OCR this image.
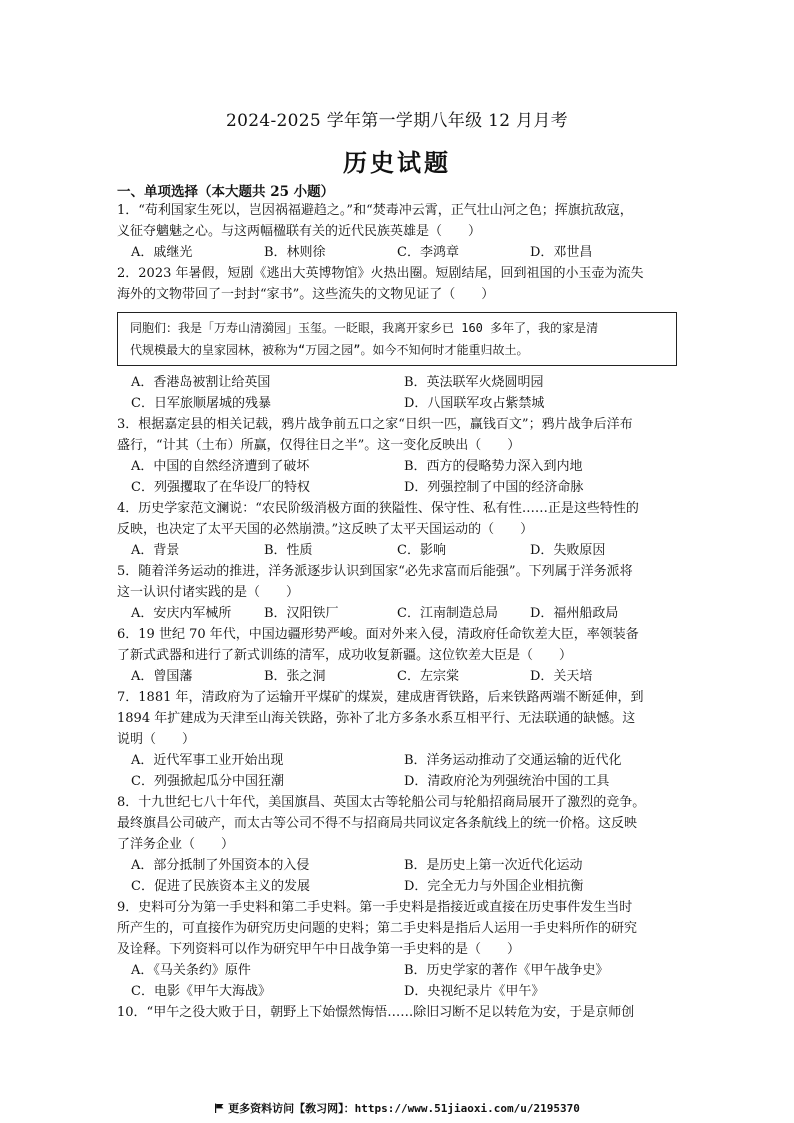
2024-2025 学年第一学期八年级 12 月月考
历史试题
一、单项选择（本大题共 25 小题）
1．“苟利国家生死以，岂因祸福避趋之。”和“焚毒冲云霄，正气壮山河之色；挥旗抗敌寇，
义征夺魑魅之心。与这两幅楹联有关的近代民族英雄是（　　）
A．戚继光	B．林则徐	C．李鸿章	D．邓世昌
2．2023 年暑假，短剧《逃出大英博物馆》火热出圈。短剧结尾，回到祖国的小玉壶为流失
海外的文物带回了一封封“家书”。这些流失的文物见证了（　　）
同胞们：我是「万寿山清漪园」玉玺。一眨眼，我离开家乡已 160 多年了，我的家是清
代规模最大的皇家园林，被称为“万园之园”。如今不知何时才能重归故土。
A．香港岛被割让给英国	B．英法联军火烧圆明园
C．日军旅顺屠城的残暴	D．八国联军攻占紫禁城
3．根据嘉定县的相关记载，鸦片战争前五口之家“日织一匹，赢钱百文”；鸦片战争后洋布
盛行，“计其（土布）所赢，仅得往日之半”。这一变化反映出（　　）
A．中国的自然经济遭到了破坏	B．西方的侵略势力深入到内地
C．列强攫取了在华设厂的特权	D．列强控制了中国的经济命脉
4．历史学家范文澜说：“农民阶级消极方面的狭隘性、保守性、私有性……正是这些特性的
反映，也决定了太平天国的必然崩溃。”这反映了太平天国运动的（　　）
A．背景	B．性质	C．影响	D．失败原因
5．随着洋务运动的推进，洋务派逐步认识到国家“必先求富而后能强”。下列属于洋务派将
这一认识付诸实践的是（　　）
A．安庆内军械所	B．汉阳铁厂	C．江南制造总局	D．福州船政局
6．19 世纪 70 年代，中国边疆形势严峻。面对外来入侵，清政府任命钦差大臣，率领装备
了新式武器和进行了新式训练的清军，成功收复新疆。这位钦差大臣是（　　）
A．曾国藩	B．张之洞	C．左宗棠	D．关天培
7．1881 年，清政府为了运输开平煤矿的煤炭，建成唐胥铁路，后来铁路两端不断延伸，到
1894 年扩建成为天津至山海关铁路，弥补了北方多条水系互相平行、无法联通的缺憾。这
说明（　　）
A．近代军事工业开始出现	B．洋务运动推动了交通运输的近代化
C．列强掀起瓜分中国狂潮	D．清政府沦为列强统治中国的工具
8．十九世纪七八十年代，美国旗昌、英国太古等轮船公司与轮船招商局展开了激烈的竞争。
最终旗昌公司破产，而太古等公司不得不与招商局共同议定各条航线上的统一价格。这反映
了洋务企业（　　）
A．部分抵制了外国资本的入侵	B．是历史上第一次近代化运动
C．促进了民族资本主义的发展	D．完全无力与外国企业相抗衡
9．史料可分为第一手史料和第二手史料。第一手史料是指接近或直接在历史事件发生当时
所产生的，可直接作为研究历史问题的史料；第二手史料是指后人运用一手史料所作的研究
及诠释。下列资料可以作为研究甲午中日战争第一手史料的是（　　）
A．《马关条约》原件	B．历史学家的著作《甲午战争史》
C．电影《甲午大海战》	D．央视纪录片《甲午》
10．“甲午之役大败于日，朝野上下始憬然悔悟……除旧习断不足以转危为安，于是京师创
更多资料访问【敎习网】：https://www.51jiaoxi.com/u/2195370
